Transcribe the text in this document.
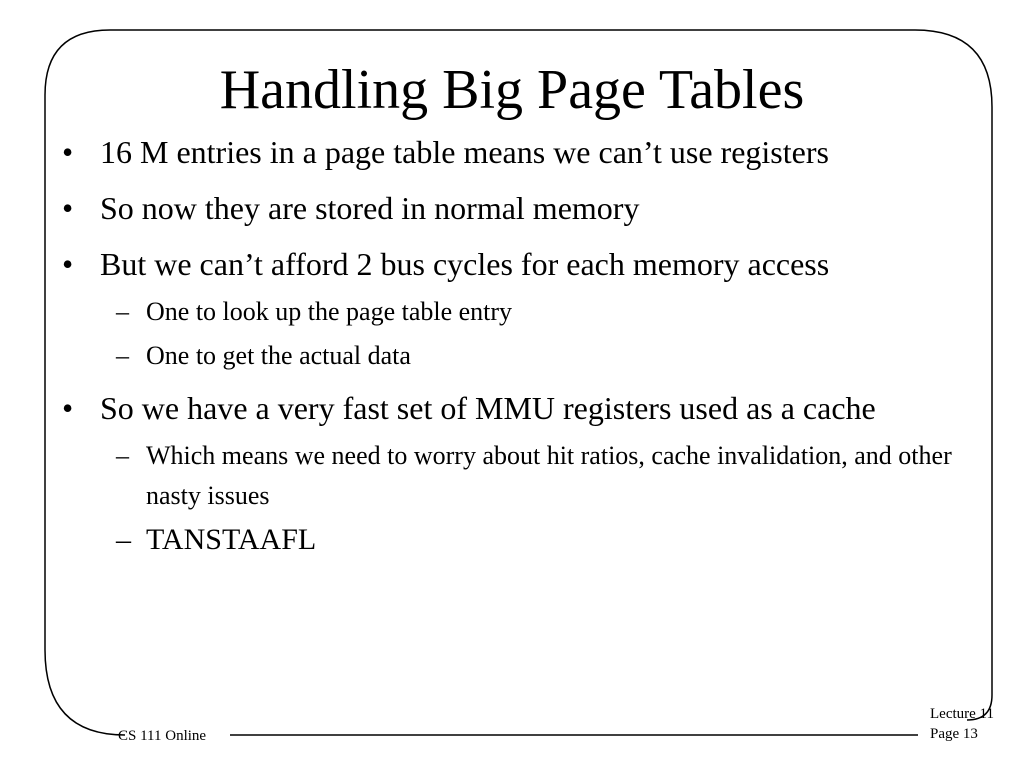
Handling Big Page Tables
• 16 M entries in a page table means we can’t use registers
• So now they are stored in normal memory
• But we can’t afford 2 bus cycles for each memory access
– One to look up the page table entry
– One to get the actual data
• So we have a very fast set of MMU registers used as a cache
– Which means we need to worry about hit ratios, cache invalidation, and other nasty issues
– TANSTAAFL
CS 111 Online
Lecture 11
Page 13
